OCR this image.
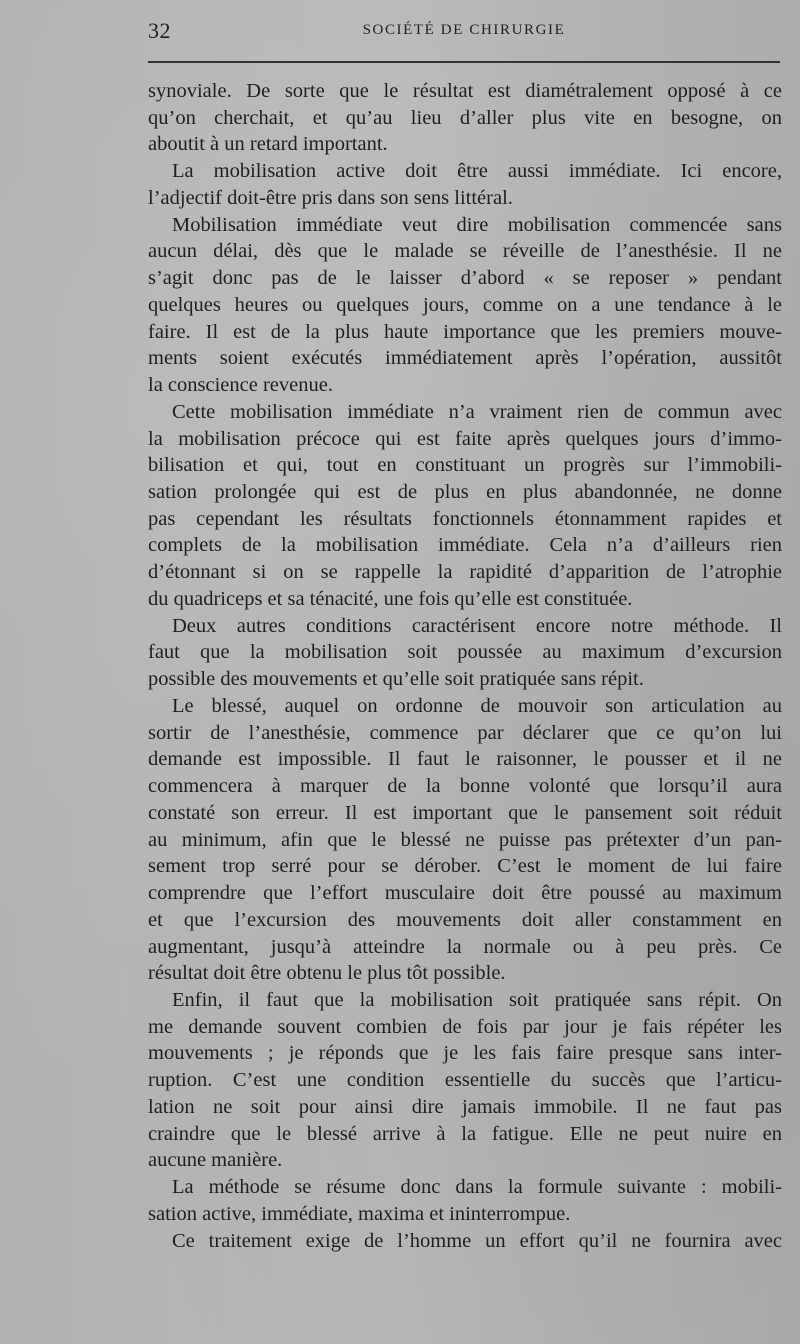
32	SOCIÉTÉ DE CHIRURGIE
synoviale. De sorte que le résultat est diamétralement opposé à ce
qu’on cherchait, et qu’au lieu d’aller plus vite en besogne, on
aboutit à un retard important.
La mobilisation active doit être aussi immédiate. Ici encore,
l’adjectif doit-être pris dans son sens littéral.
Mobilisation immédiate veut dire mobilisation commencée sans
aucun délai, dès que le malade se réveille de l’anesthésie. Il ne
s’agit donc pas de le laisser d’abord « se reposer » pendant
quelques heures ou quelques jours, comme on a une tendance à le
faire. Il est de la plus haute importance que les premiers mouve-
ments soient exécutés immédiatement après l’opération, aussitôt
la conscience revenue.
Cette mobilisation immédiate n’a vraiment rien de commun avec
la mobilisation précoce qui est faite après quelques jours d’immo-
bilisation et qui, tout en constituant un progrès sur l’immobili-
sation prolongée qui est de plus en plus abandonnée, ne donne
pas cependant les résultats fonctionnels étonnamment rapides et
complets de la mobilisation immédiate. Cela n’a d’ailleurs rien
d’étonnant si on se rappelle la rapidité d’apparition de l’atrophie
du quadriceps et sa ténacité, une fois qu’elle est constituée.
Deux autres conditions caractérisent encore notre méthode. Il
faut que la mobilisation soit poussée au maximum d’excursion
possible des mouvements et qu’elle soit pratiquée sans répit.
Le blessé, auquel on ordonne de mouvoir son articulation au
sortir de l’anesthésie, commence par déclarer que ce qu’on lui
demande est impossible. Il faut le raisonner, le pousser et il ne
commencera à marquer de la bonne volonté que lorsqu’il aura
constaté son erreur. Il est important que le pansement soit réduit
au minimum, afin que le blessé ne puisse pas prétexter d’un pan-
sement trop serré pour se dérober. C’est le moment de lui faire
comprendre que l’effort musculaire doit être poussé au maximum
et que l’excursion des mouvements doit aller constamment en
augmentant, jusqu’à atteindre la normale ou à peu près. Ce
résultat doit être obtenu le plus tôt possible.
Enfin, il faut que la mobilisation soit pratiquée sans répit. On
me demande souvent combien de fois par jour je fais répéter les
mouvements ; je réponds que je les fais faire presque sans inter-
ruption. C’est une condition essentielle du succès que l’articu-
lation ne soit pour ainsi dire jamais immobile. Il ne faut pas
craindre que le blessé arrive à la fatigue. Elle ne peut nuire en
aucune manière.
La méthode se résume donc dans la formule suivante : mobili-
sation active, immédiate, maxima et ininterrompue.
Ce traitement exige de l’homme un effort qu’il ne fournira avec
